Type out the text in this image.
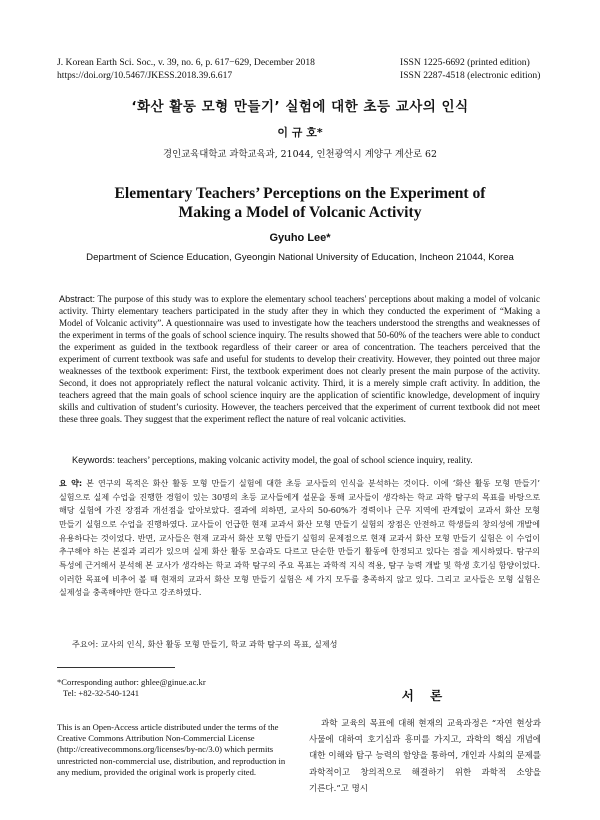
J. Korean Earth Sci. Soc., v. 39, no. 6, p. 617−629, December 2018
https://doi.org/10.5467/JKESS.2018.39.6.617
ISSN 1225-6692 (printed edition)
ISSN 2287-4518 (electronic edition)
‘화산 활동 모형 만들기’ 실험에 대한 초등 교사의 인식
이 규 호*
경인교육대학교 과학교육과, 21044, 인천광역시 계양구 계산로 62
Elementary Teachers’ Perceptions on the Experiment of
Making a Model of Volcanic Activity
Gyuho Lee*
Department of Science Education, Gyeongin National University of Education, Incheon 21044, Korea
Abstract: The purpose of this study was to explore the elementary school teachers' perceptions about making a model of volcanic activity. Thirty elementary teachers participated in the study after they in which they conducted the experiment of “Making a Model of Volcanic activity”. A questionnaire was used to investigate how the teachers understood the strengths and weaknesses of the experiment in terms of the goals of school science inquiry. The results showed that 50-60% of the teachers were able to conduct the experiment as guided in the textbook regardless of their career or area of concentration. The teachers perceived that the experiment of current textbook was safe and useful for students to develop their creativity. However, they pointed out three major weaknesses of the textbook experiment: First, the textbook experiment does not clearly present the main purpose of the activity. Second, it does not appropriately reflect the natural volcanic activity. Third, it is a merely simple craft activity. In addition, the teachers agreed that the main goals of school science inquiry are the application of scientific knowledge, development of inquiry skills and cultivation of student’s curiosity. However, the teachers perceived that the experiment of current textbook did not meet these three goals. They suggest that the experiment reflect the nature of real volcanic activities.
Keywords: teachers’ perceptions, making volcanic activity model, the goal of school science inquiry, reality.
요 약: 본 연구의 목적은 화산 활동 모형 만들기 실험에 대한 초등 교사들의 인식을 분석하는 것이다. 이에 ‘화산 활동 모형 만들기’ 실험으로 실제 수업을 진행한 경험이 있는 30명의 초등 교사들에게 설문을 통해 교사들이 생각하는 학교 과학 탐구의 목표를 바탕으로 해당 실험에 가진 장점과 개선점을 알아보았다. 결과에 의하면, 교사의 50-60%가 경력이나 근무 지역에 관계없이 교과서 화산 모형 만들기 실험으로 수업을 진행하였다. 교사들이 언급한 현재 교과서 화산 모형 만들기 실험의 장점은 안전하고 학생들의 창의성에 개발에 유용하다는 것이었다. 반면, 교사들은 현재 교과서 화산 모형 만들기 실험의 문제점으로 현재 교과서 화산 모형 만들기 실험은 이 수업이 추구해야 하는 본질과 괴리가 있으며 실제 화산 활동 모습과도 다르고 단순한 만들기 활동에 한정되고 있다는 점을 제시하였다. 탐구의 특성에 근거해서 분석해 본 교사가 생각하는 학교 과학 탐구의 주요 목표는 과학적 지식 적용, 탐구 능력 개발 및 학생 호기심 함양이었다. 이러한 목표에 비추어 볼 때 현재의 교과서 화산 모형 만들기 실험은 세 가지 모두를 충족하지 않고 있다. 그리고 교사들은 모형 실험은 실제성을 충족해야만 한다고 강조하였다.
주요어: 교사의 인식, 화산 활동 모형 만들기, 학교 과학 탐구의 목표, 실제성
*Corresponding author: ghlee@ginue.ac.kr
Tel: +82-32-540-1241
This is an Open-Access article distributed under the terms of the Creative Commons Attribution Non-Commercial License (http://creativecommons.org/licenses/by-nc/3.0) which permits unrestricted non-commercial use, distribution, and reproduction in any medium, provided the original work is properly cited.
서 론
과학 교육의 목표에 대해 현재의 교육과정은 “자연 현상과 사물에 대하여 호기심과 흥미를 가지고, 과학의 핵심 개념에 대한 이해와 탐구 능력의 함양을 통하여, 개인과 사회의 문제를 과학적이고 창의적으로 해결하기 위한 과학적 소양을 기른다.”고 명시
